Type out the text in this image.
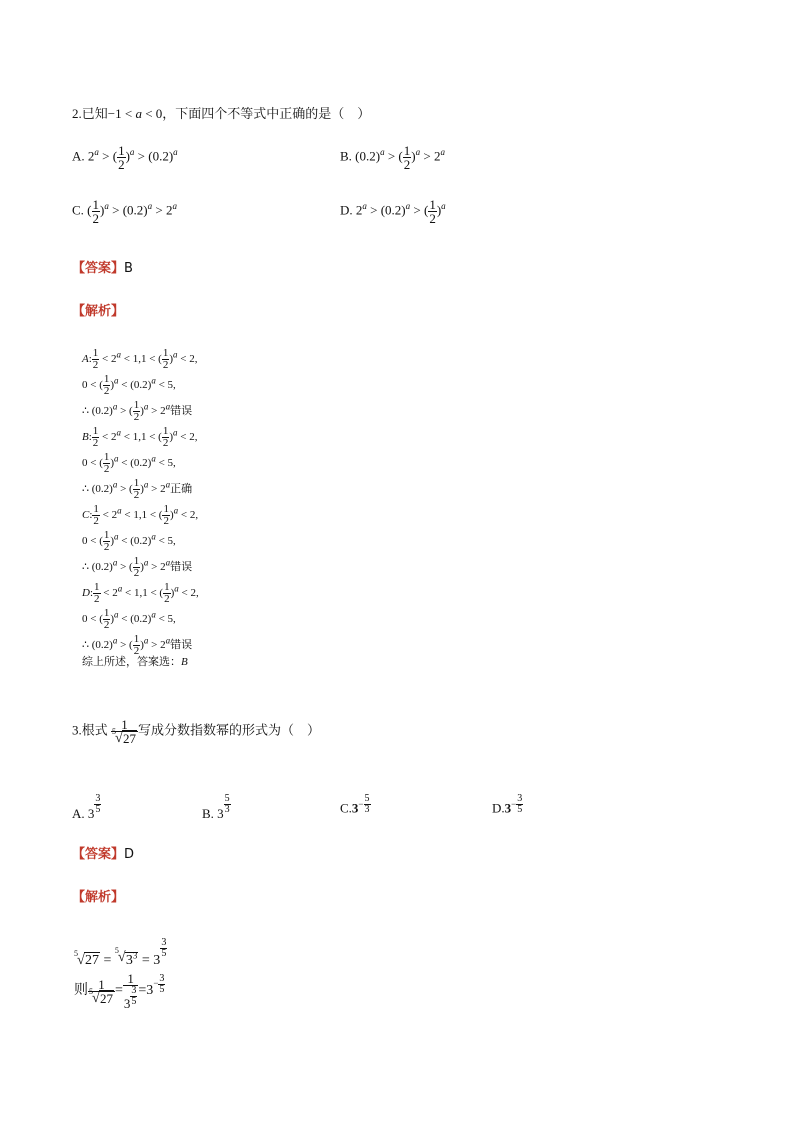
2.已知−1 < a < 0，下面四个不等式中正确的是（　）
A. $2^a$ > ( $\frac{1}{2} )^a > (0.2)^a$	B. $(0.2)^a$ > ( $\frac{1}{2} )^a > 2^a$
C. ( $\frac{1}{2} )^a > (0.2)^a > 2^a$	D. $2^a > (0.2)^a$ > ( $\frac{1}{2} )^a$
【答案】B
【解析】
A: $\frac{1}{2} < 2^a < 1,1$ < ( $\frac{1}{2} )^a < 2$,
0 < ( $\frac{1}{2} )^a < (0.2)^a < 5$,
∴ $(0.2)^a$ > ( $\frac{1}{2} )^a > 2^a$错误
B: $\frac{1}{2} < 2^a < 1,1$ < ( $\frac{1}{2} )^a < 2$,
0 < ( $\frac{1}{2} )^a < (0.2)^a < 5$,
∴ $(0.2)^a$ > ( $\frac{1}{2} )^a > 2^a$正确
C: $\frac{1}{2} < 2^a < 1,1$ < ( $\frac{1}{2} )^a < 2$,
0 < ( $\frac{1}{2} )^a < (0.2)^a < 5$,
∴ $(0.2)^a$ > ( $\frac{1}{2} )^a > 2^a$错误
D: $\frac{1}{2} < 2^a < 1,1$ < ( $\frac{1}{2} )^a < 2$,
0 < ( $\frac{1}{2} )^a < (0.2)^a < 5$,
∴ $(0.2)^a$ > ( $\frac{1}{2} )^a > 2^a$错误
综上所述，答案选：B
3.根式 $\frac{1}{5 √ 27}$ 写成分数指数幂的形式为（　）
A. 3 $^{\frac{3}{5}}$	B. 3 $^{\frac{5}{3}}$	$C.3^{- \frac{5}{3}}$	$D.3^{- \frac{3}{5}}$
【答案】D
【解析】
5 √ 27 =
5 √ $3^3 = 3$
$^{\frac{3}{5}}$
则 $\frac{1}{5 √ 27} = 1$
3 $^{\frac{3}{5}} =3^{- \frac{3}{5}}$
